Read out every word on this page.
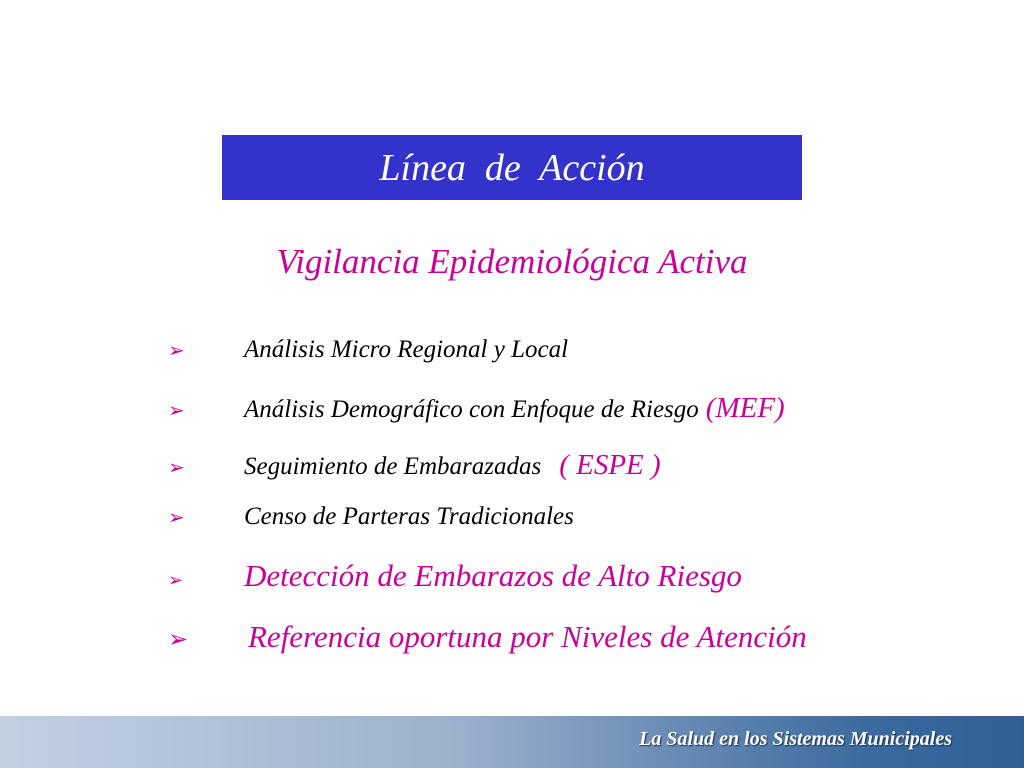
Línea  de  Acción
Vigilancia Epidemiológica Activa
➢	Análisis Micro Regional y Local
➢	Análisis Demográfico con Enfoque de Riesgo (MEF)
➢	Seguimiento de Embarazadas ( ESPE )
➢	Censo de Parteras Tradicionales
➢	Detección de Embarazos de Alto Riesgo
➢	Referencia oportuna por Niveles de Atención
La Salud en los Sistemas Municipales
